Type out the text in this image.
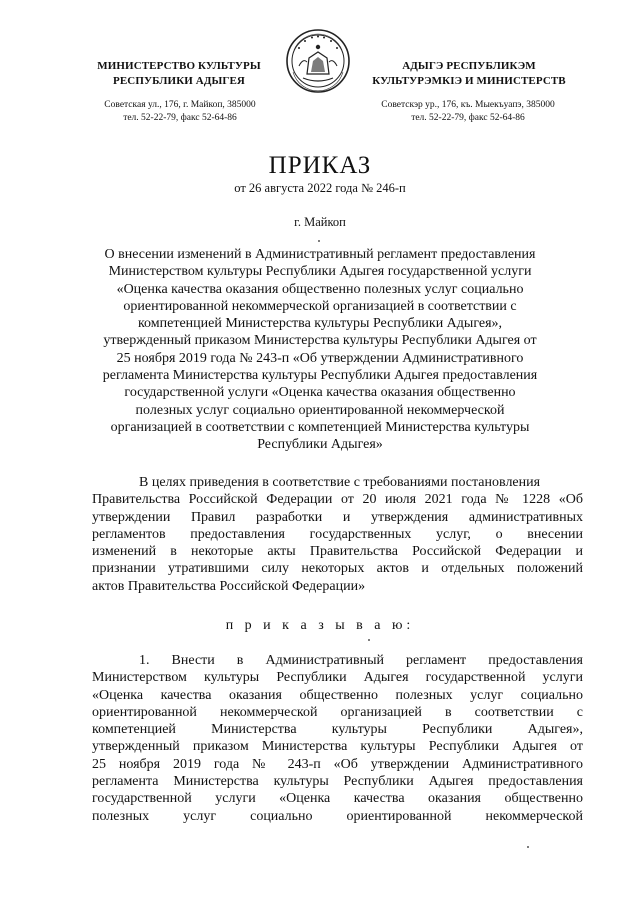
МИНИСТЕРСТВО КУЛЬТУРЫ
РЕСПУБЛИКИ АДЫГЕЯ
АДЫГЭ РЕСПУБЛИКЭМ
КУЛЬТУРЭМКIЭ И МИНИСТЕРСТВ
Советская ул., 176, г. Майкоп, 385000
тел. 52-22-79, факс 52-64-86
Советскэр ур., 176, къ. Мыекъуапэ, 385000
тел. 52-22-79, факс 52-64-86
ПРИКАЗ
от 26 августа 2022 года № 246-п
г. Майкоп
О внесении изменений в Административный регламент предоставления
Министерством культуры Республики Адыгея государственной услуги
«Оценка качества оказания общественно полезных услуг социально
ориентированной некоммерческой организацией в соответствии с
компетенцией Министерства культуры Республики Адыгея»,
утвержденный приказом Министерства культуры Республики Адыгея от
25 ноября 2019 года № 243-п «Об утверждении Административного
регламента Министерства культуры Республики Адыгея предоставления
государственной услуги «Оценка качества оказания общественно
полезных услуг социально ориентированной некоммерческой
организацией в соответствии с компетенцией Министерства культуры
Республики Адыгея»
В целях приведения в соответствие с требованиями постановления
Правительства Российской Федерации от 20 июля 2021 года № 1228 «Об
утверждении Правил разработки и утверждения административных
регламентов предоставления государственных услуг, о внесении
изменений в некоторые акты Правительства Российской Федерации и
признании утратившими силу некоторых актов и отдельных положений
актов Правительства Российской Федерации»
п р и к а з ы в а ю:
1. Внести в Административный регламент предоставления
Министерством культуры Республики Адыгея государственной услуги
«Оценка качества оказания общественно полезных услуг социально
ориентированной некоммерческой организацией в соответствии с
компетенцией Министерства культуры Республики Адыгея»,
утвержденный приказом Министерства культуры Республики Адыгея от
25 ноября 2019 года № 243-п «Об утверждении Административного
регламента Министерства культуры Республики Адыгея предоставления
государственной услуги «Оценка качества оказания общественно
полезных услуг социально ориентированной некоммерческой
